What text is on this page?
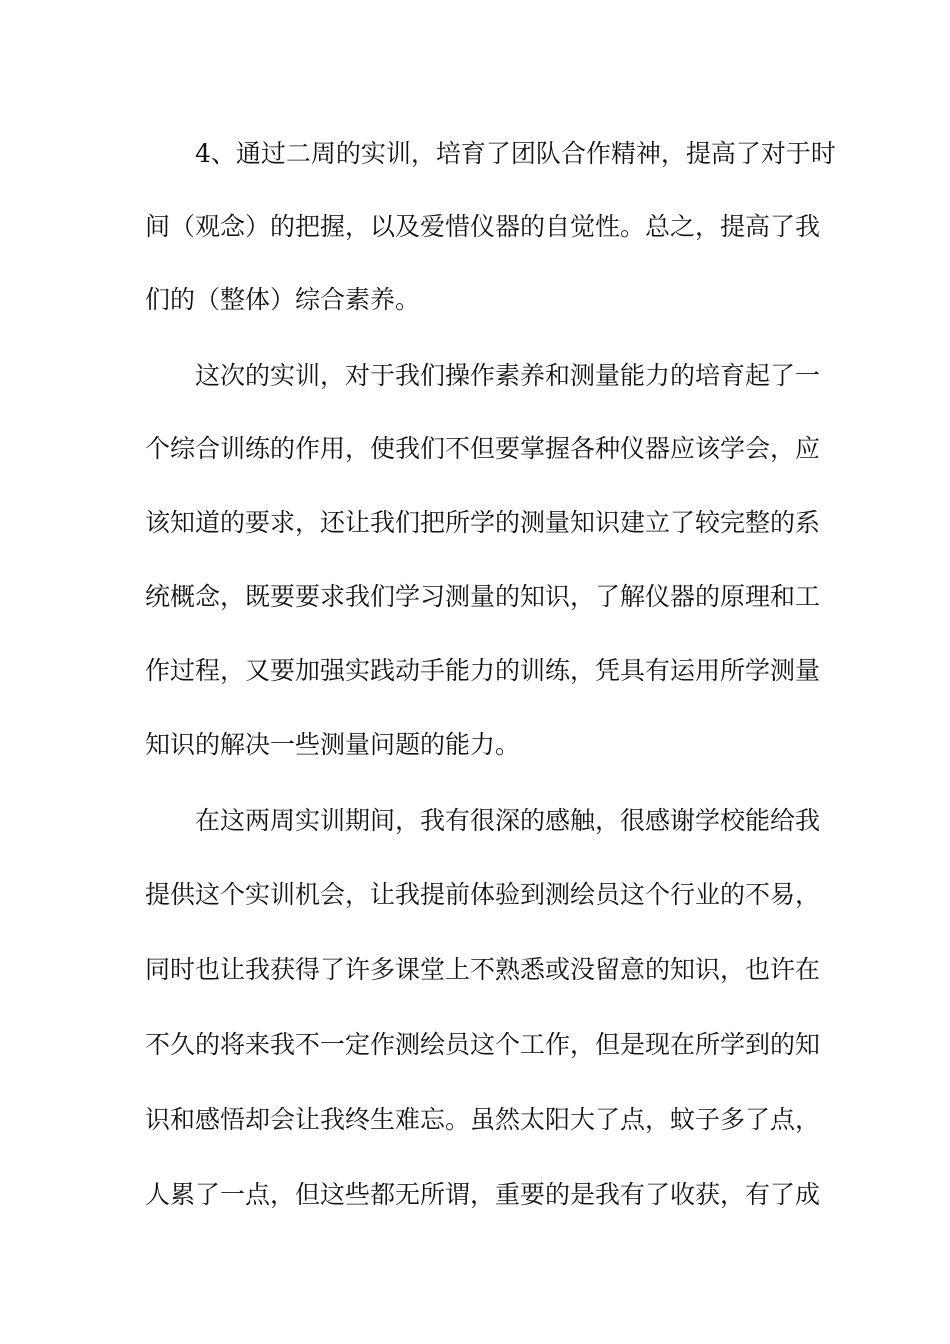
4、通过二周的实训，培育了团队合作精神，提高了对于时
间（观念）的把握，以及爱惜仪器的自觉性。总之，提高了我
们的（整体）综合素养。
这次的实训，对于我们操作素养和测量能力的培育起了一
个综合训练的作用，使我们不但要掌握各种仪器应该学会，应
该知道的要求，还让我们把所学的测量知识建立了较完整的系
统概念，既要要求我们学习测量的知识，了解仪器的原理和工
作过程，又要加强实践动手能力的训练，凭具有运用所学测量
知识的解决一些测量问题的能力。
在这两周实训期间，我有很深的感触，很感谢学校能给我
提供这个实训机会，让我提前体验到测绘员这个行业的不易，
同时也让我获得了许多课堂上不熟悉或没留意的知识，也许在
不久的将来我不一定作测绘员这个工作，但是现在所学到的知
识和感悟却会让我终生难忘。虽然太阳大了点，蚊子多了点，
人累了一点，但这些都无所谓，重要的是我有了收获，有了成
